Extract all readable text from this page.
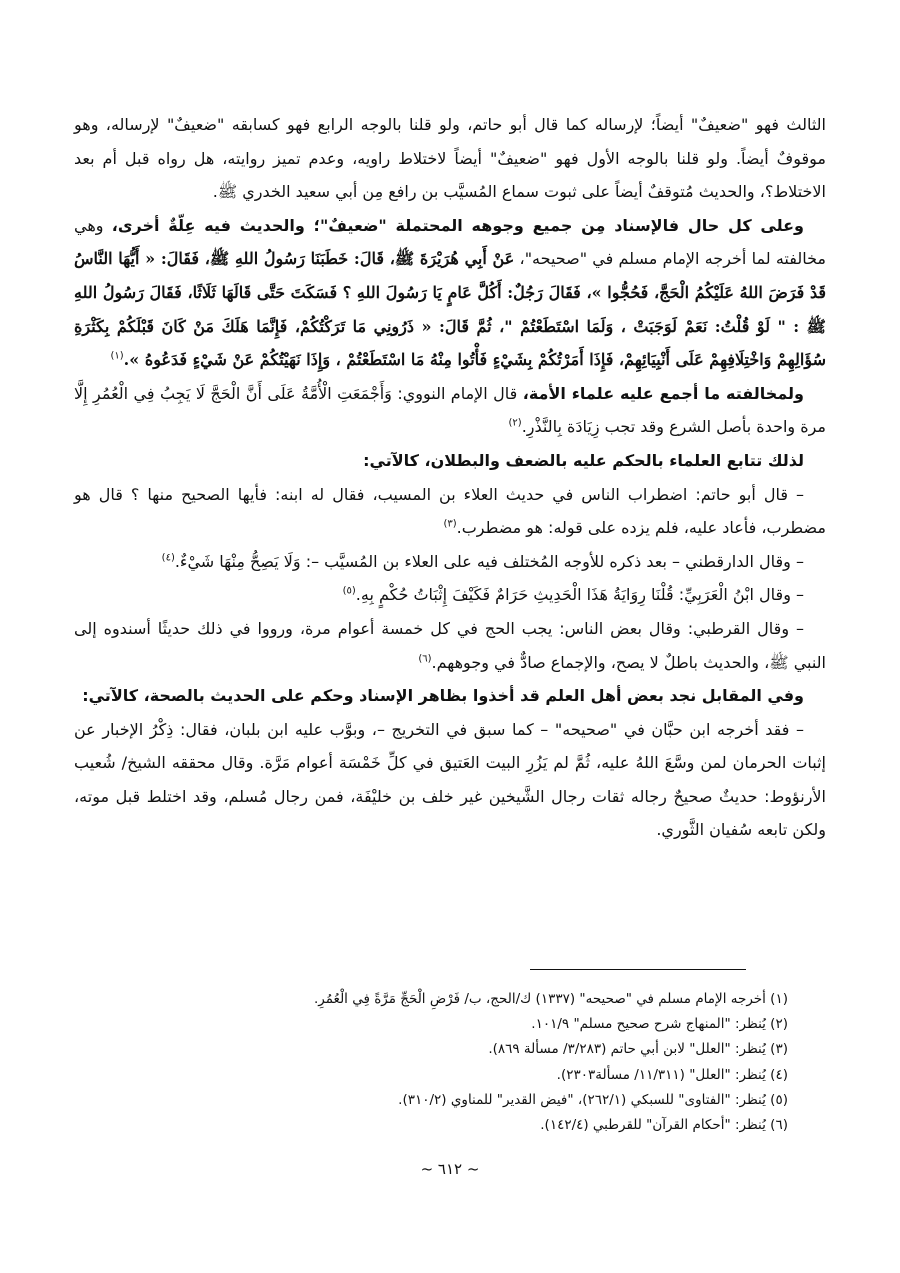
الثالث فهو "ضعيفٌ" أيضاً؛ لإرساله كما قال أبو حاتم، ولو قلنا بالوجه الرابع فهو كسابقه "ضعيفٌ" لإرساله، وهو موقوفٌ أيضاً. ولو قلنا بالوجه الأول فهو "ضعيفٌ" أيضاً لاختلاط راويه، وعدم تميز روايته، هل رواه قبل أم بعد الاختلاط؟، والحديث مُتوقفٌ أيضاً على ثبوت سماع المُسيَّب بن رافع مِن أبي سعيد الخدري ﷺ.

وعلى كل حال فالإسناد مِن جميع وجوهه المحتملة "ضعيفٌ"؛ والحديث فيه عِلّةٌ أخرى، وهي مخالفته لما أخرجه الإمام مسلم في "صحيحه"، عَنْ أَبِي هُرَيْرَةَ ﷺ، قَالَ: خَطَبَنَا رَسُولُ اللهِ ﷺ، فَقَالَ: « أَيُّهَا النَّاسُ قَدْ فَرَضَ اللهُ عَلَيْكُمُ الْحَجَّ، فَحُجُّوا »، فَقَالَ رَجُلٌ: أَكُلَّ عَامٍ يَا رَسُولَ اللهِ ؟ فَسَكَتَ حَتَّى قَالَهَا ثَلَاثًا، فَقَالَ رَسُولُ اللهِ ﷺ : " لَوْ قُلْتُ: نَعَمْ لَوَجَبَتْ ، وَلَمَا اسْتَطَعْتُمْ "، ثُمَّ قَالَ: « ذَرُونِي مَا تَرَكْتُكُمْ، فَإِنَّمَا هَلَكَ مَنْ كَانَ قَبْلَكُمْ بِكَثْرَةِ سُؤَالِهِمْ وَاخْتِلَافِهِمْ عَلَى أَنْبِيَائِهِمْ، فَإِذَا أَمَرْتُكُمْ بِشَيْءٍ فَأْتُوا مِنْهُ مَا اسْتَطَعْتُمْ ، وَإِذَا نَهَيْتُكُمْ عَنْ شَيْءٍ فَدَعُوهُ ».$^{(١)}$

ولمخالفته ما أجمع عليه علماء الأمة، قال الإمام النووي: وَأَجْمَعَتِ الْأُمَّةُ عَلَى أَنَّ الْحَجَّ لَا يَجِبُ فِي الْعُمُرِ إِلَّا مرة واحدة بأصل الشرع وقد تجب زِيَادَة بِالنَّذْرِ.$^{(٢)}$

لذلك تتابع العلماء بالحكم عليه بالضعف والبطلان، كالآتي:

– قال أبو حاتم: اضطراب الناس في حديث العلاء بن المسيب، فقال له ابنه: فأيها الصحيح منها ؟ قال هو مضطرب، فأعاد عليه، فلم يزده على قوله: هو مضطرب.$^{(٣)}$

– وقال الدارقطني – بعد ذكره للأوجه المُختلف فيه على العلاء بن المُسيَّب –: وَلَا يَصِحُّ مِنْهَا شَيْءٌ.$^{(٤)}$

– وقال ابْنُ الْعَرَبِيِّ: قُلْنَا رِوَايَةُ هَذَا الْحَدِيثِ حَرَامٌ فَكَيْفَ إِثْبَاتُ حُكْمٍ بِهِ.$^{(٥)}$

– وقال القرطبي: وقال بعض الناس: يجب الحج في كل خمسة أعوام مرة، ورووا في ذلك حديثًا أسندوه إلى النبي ﷺ، والحديث باطلٌ لا يصح، والإجماع صادٌّ في وجوههم.$^{(٦)}$

وفي المقابل نجد بعض أهل العلم قد أخذوا بظاهر الإسناد وحكم على الحديث بالصحة، كالآتي:

– فقد أخرجه ابن حبَّان في "صحيحه" – كما سبق في التخريج –، وبوَّب عليه ابن بلبان، فقال: ذِكْرُ الإخبار عن إثبات الحرمان لمن وسَّعَ اللهُ عليه، ثُمَّ لم يَزُرِ البيت العَتيق في كلِّ خَمْسَة أعوام مَرَّة. وقال محققه الشيخ/ شُعيب الأرنؤوط: حديثٌ صحيحٌ رجاله ثقات رجال الشَّيخين غير خلف بن خليْفَة، فمن رجال مُسلم، وقد اختلط قبل موته، ولكن تابعه سُفيان الثَّوري.

(١) أخرجه الإمام مسلم في "صحيحه" (١٣٣٧) ك/الحج، ب/ فَرْضِ الْحَجِّ مَرَّةً فِي الْعُمُرِ.

(٢) يُنظر: "المنهاج شرح صحيح مسلم" ١٠١/٩.

(٣) يُنظر: "العلل" لابن أبي حاتم (٣/٢٨٣/ مسألة ٨٦٩).

(٤) يُنظر: "العلل" (١١/٣١١/ مسألة٢٣٠٣).

(٥) يُنظر: "الفتاوى" للسبكي (٢٦٢/١)، "فيض القدير" للمناوي (٣١٠/٢).

(٦) يُنظر: "أحكام القرآن" للقرطبي (١٤٢/٤).

~ ٦١٢ ~
